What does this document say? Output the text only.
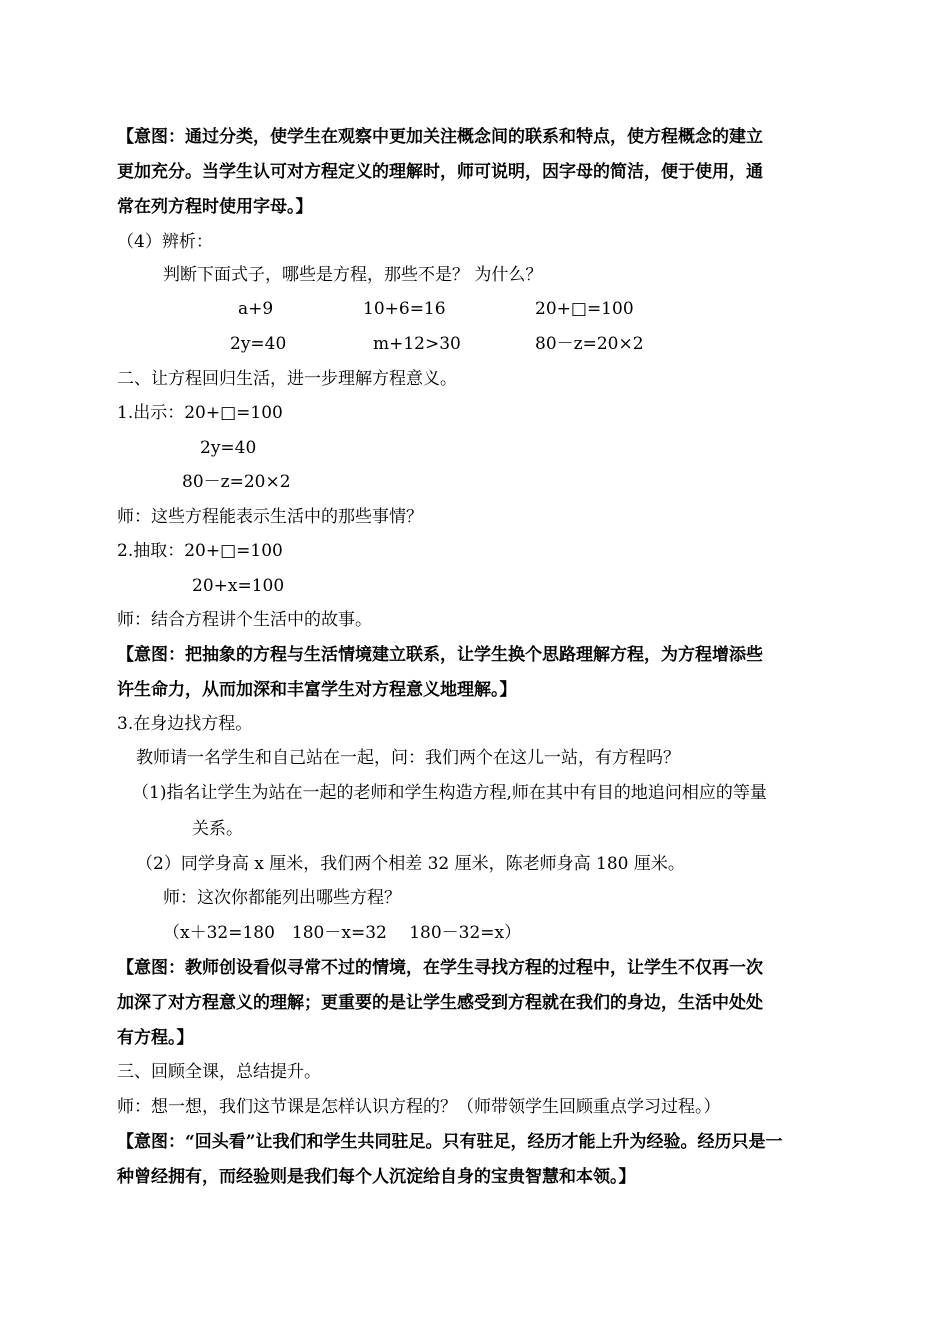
【意图：通过分类，使学生在观察中更加关注概念间的联系和特点，使方程概念的建立
更加充分。当学生认可对方程定义的理解时，师可说明，因字母的简洁，便于使用，通
常在列方程时使用字母。】
（4）辨析：
判断下面式子，哪些是方程，那些不是？ 为什么？
a+9	10+6=16	20+□=100
2y=40	m+12>30	80－z=20×2
二、让方程回归生活，进一步理解方程意义。
1.出示：20+□=100
2y=40
80－z=20×2
师：这些方程能表示生活中的那些事情？
2.抽取：20+□=100
20+x=100
师：结合方程讲个生活中的故事。
【意图：把抽象的方程与生活情境建立联系，让学生换个思路理解方程，为方程增添些
许生命力，从而加深和丰富学生对方程意义地理解。】
3.在身边找方程。
教师请一名学生和自己站在一起，问：我们两个在这儿一站，有方程吗？
（1)指名让学生为站在一起的老师和学生构造方程,师在其中有目的地追问相应的等量
关系。
（2）同学身高 x 厘米，我们两个相差 32 厘米，陈老师身高 180 厘米。
师：这次你都能列出哪些方程？
（x＋32=180　180－x=32　 180－32=x）
【意图：教师创设看似寻常不过的情境，在学生寻找方程的过程中，让学生不仅再一次
加深了对方程意义的理解；更重要的是让学生感受到方程就在我们的身边，生活中处处
有方程。】
三、回顾全课，总结提升。
师：想一想，我们这节课是怎样认识方程的？（师带领学生回顾重点学习过程。）
【意图：“回头看”让我们和学生共同驻足。只有驻足，经历才能上升为经验。经历只是一
种曾经拥有，而经验则是我们每个人沉淀给自身的宝贵智慧和本领。】
